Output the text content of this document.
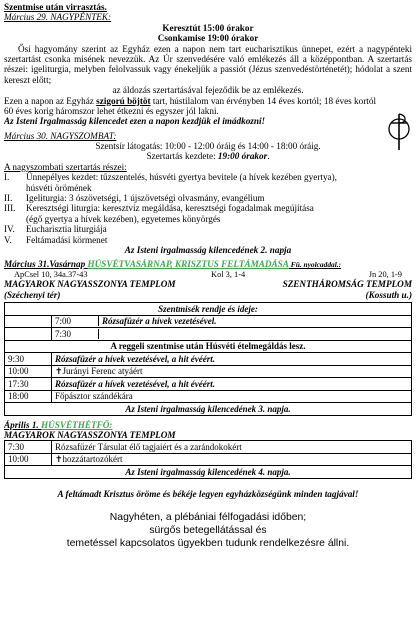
Szentmise után virrasztás.
Március 29. NAGYPÉNTEK:
Keresztút 15:00 órakor
Csonkamise 19:00 órakor
Ősi hagyomány szerint az Egyház ezen a napon nem tart eucharisztikus ünnepet, ezért a nagypénteki szertartást csonka misének nevezzük. Az Úr szenvedésére való emlékezés áll a középpontban. A szertartás részei: igeliturgia, melyben felolvassuk vagy énekeljük a passiót (Jézus szenvedéstörténetét); hódolat a szent kereszt előtt;
az áldozás szertartásával fejeződik be az emlékezés.
Ezen a napon az Egyház szigorú böjtöt tart, hústilalom van érvényben 14 éves kortól; 18 éves kortól 60 éves korig háromszor lehet étkezni és egyszer jól lakni.
Az Isteni Irgalmasság kilencedet ezen a napon kezdjük el imádkozni!
Március 30. NAGYSZOMBAT:
Szentsír látogatás: 10:00 - 12:00 óráig és 14:00 - 18:00 óráig.
Szertartás kezdete: 19:00 órakor.
A nagyszombati szertartás részei:
I.	Ünnepélyes kezdet: tűzszentelés, húsvéti gyertya bevitele (a hívek kezében gyertya),
húsvéti örömének
II.	Igeliturgia: 3 ószövetségi, 1 újszövetségi olvasmány, evangélium
III.	Keresztségi liturgia: keresztvíz megáldása, keresztségi fogadalmak megújítása
(égő gyertya a hívek kezében), egyetemes könyörgés
IV.	Eucharisztia liturgiája
V.	Feltámadási körmenet
Az Isteni irgalmasság kilencedének 2. napja
Március 31.Vasárnap HÚSVÉTVASÁRNAP, KRISZTUS FELTÁMADÁSA Fü. nyolcaddal.:
ApCsel 10, 34a.37-43	Kol 3, 1-4	Jn 20, 1-9
MAGYAROK NAGYASSZONYA TEMPLOM	SZENTHÁROMSÁG TEMPLOM
(Széchenyi tér)	(Kossuth u.)
Szentmisék rendje és ideje:	

	7:00 Rózsafüzér a hívek vezetésével.

	7:30

A reggeli szentmise után Húsvéti ételmegáldás lesz.	
9:30	Rózsafüzér a hívek vezetésével, a hit évéért.
10:00	✝Jurányi Ferenc atyáért
17:30	Rózsafüzér a hívek vezetésével, a hit évéért.
18:00	Főpásztor szándékára
Az Isteni irgalmasság kilencedének 3. napja.	
Április 1. HÚSVÉTHÉTFŐ:
MAGYAROK NAGYASSZONYA TEMPLOM
7:30	Rózsafüzér Társulat élő tagjaiért és a zarándokokért
10:00	✝hozzátartozókért
Az Isteni irgalmasság kilencedének 4. napja.	
A feltámadt Krisztus öröme és békéje legyen egyházközségünk minden tagjával!
Nagyhéten, a plébániai félfogadási időben;
sürgős betegellátással és
temetéssel kapcsolatos ügyekben tudunk rendelkezésre állni.
